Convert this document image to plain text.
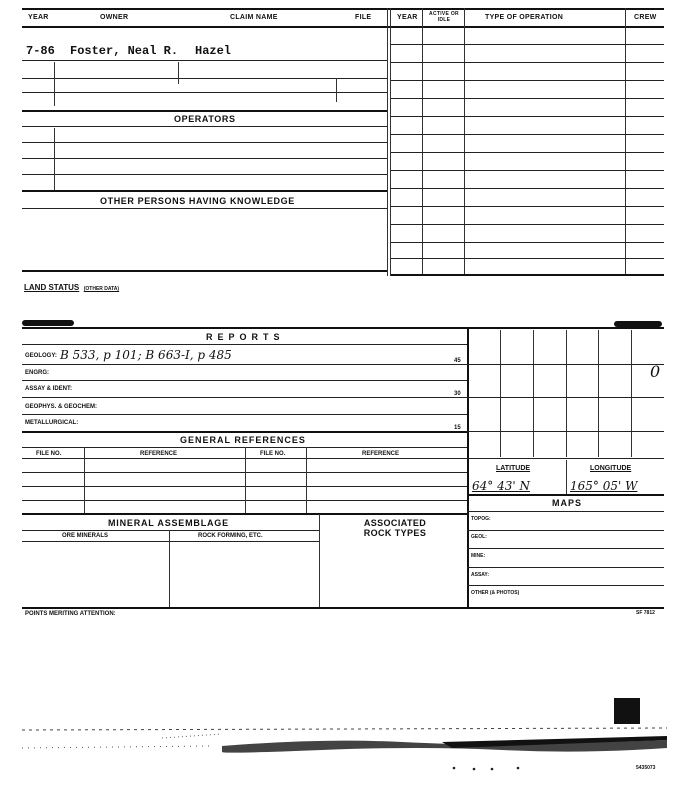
YEAR	OWNER	CLAIM NAME	FILE	YEAR	ACTIVE OR IDLE	TYPE OF OPERATION	CREW
7-86 Foster, Neal R. Hazel
OPERATORS
OTHER PERSONS HAVING KNOWLEDGE
LAND STATUS (OTHER DATA)
REPORTS
GEOLOGY: B 533, p 101; B 663-I, p 485
ENGRG:
ASSAY & IDENT:
GEOPHYS. & GEOCHEM:
METALLURGICAL:
45
30
15
GENERAL REFERENCES
FILE NO.	REFERENCE	FILE NO.	REFERENCE
0
LATITUDE	LONGITUDE
64° 43' N	165° 05' W
MAPS
TOPOG:
GEOL:
MINE:
ASSAY:
OTHER (& PHOTOS)
MINERAL ASSEMBLAGE	ASSOCIATED ROCK TYPES
ORE MINERALS	ROCK FORMING, ETC.
POINTS MERITING ATTENTION:	SF 7812
5435073
